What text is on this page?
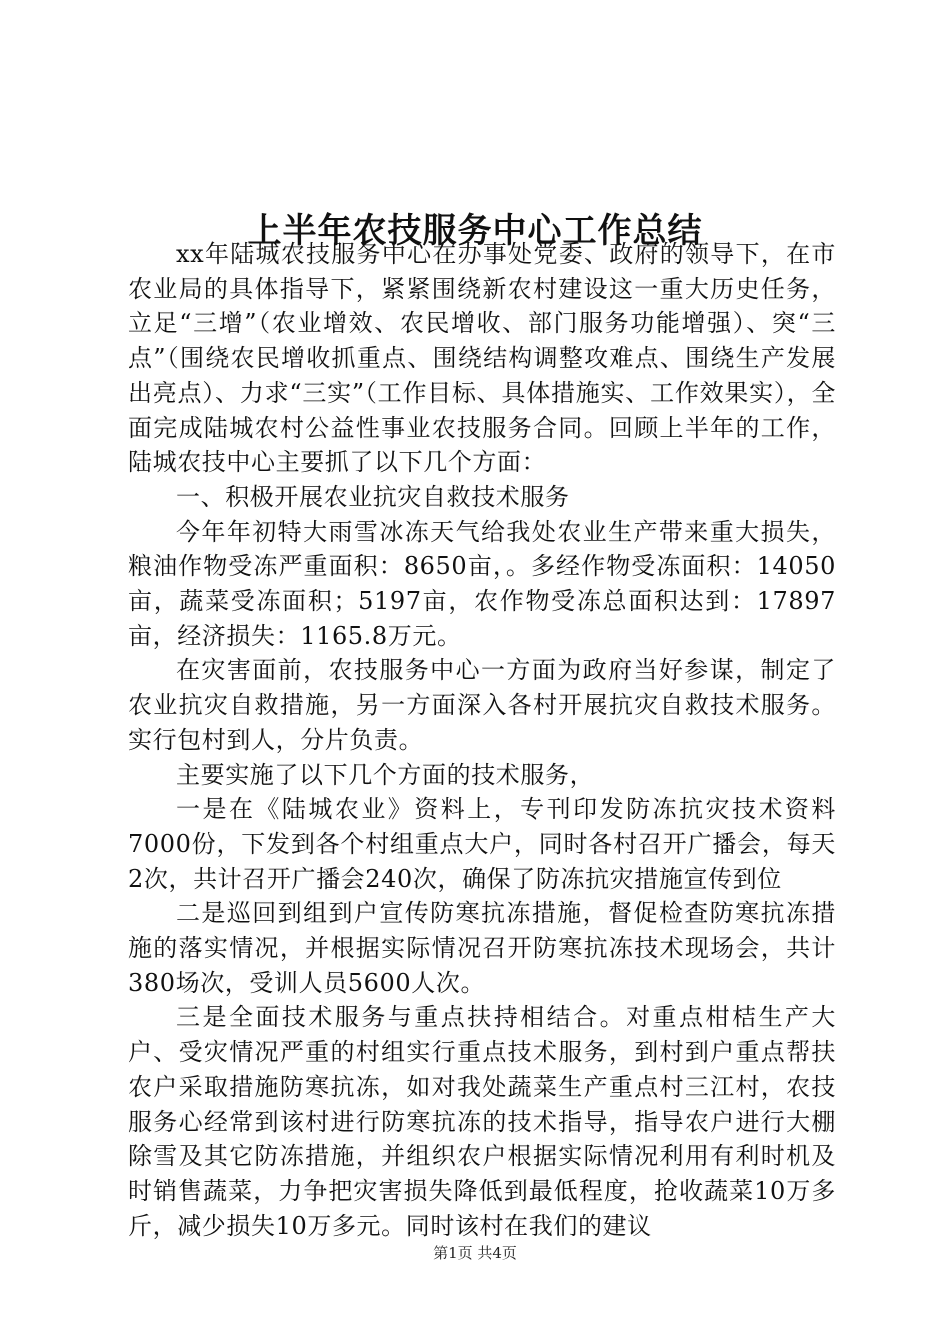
上半年农技服务中心工作总结

xx年陆城农技服务中心在办事处党委、政府的领导下，在市农业局的具体指导下，紧紧围绕新农村建设这一重大历史任务，立足“三增”（农业增效、农民增收、部门服务功能增强）、突“三点”（围绕农民增收抓重点、围绕结构调整攻难点、围绕生产发展出亮点）、力求“三实”（工作目标、具体措施实、工作效果实），全面完成陆城农村公益性事业农技服务合同。回顾上半年的工作，陆城农技中心主要抓了以下几个方面：

一、积极开展农业抗灾自救技术服务

今年年初特大雨雪冰冻天气给我处农业生产带来重大损失，粮油作物受冻严重面积：8650亩，。多经作物受冻面积：14050亩，蔬菜受冻面积；5197亩，农作物受冻总面积达到：17897亩，经济损失：1165.8万元。

在灾害面前，农技服务中心一方面为政府当好参谋，制定了农业抗灾自救措施，另一方面深入各村开展抗灾自救技术服务。实行包村到人，分片负责。

主要实施了以下几个方面的技术服务，

一是在《陆城农业》资料上，专刊印发防冻抗灾技术资料7000份，下发到各个村组重点大户，同时各村召开广播会，每天2次，共计召开广播会240次，确保了防冻抗灾措施宣传到位

二是巡回到组到户宣传防寒抗冻措施，督促检查防寒抗冻措施的落实情况，并根据实际情况召开防寒抗冻技术现场会，共计380场次，受训人员5600人次。

三是全面技术服务与重点扶持相结合。对重点柑桔生产大户、受灾情况严重的村组实行重点技术服务，到村到户重点帮扶农户采取措施防寒抗冻，如对我处蔬菜生产重点村三江村，农技服务心经常到该村进行防寒抗冻的技术指导，指导农户进行大棚除雪及其它防冻措施，并组织农户根据实际情况利用有利时机及时销售蔬菜，力争把灾害损失降低到最低程度，抢收蔬菜10万多斤，减少损失10万多元。同时该村在我们的建议

第1页 共4页
